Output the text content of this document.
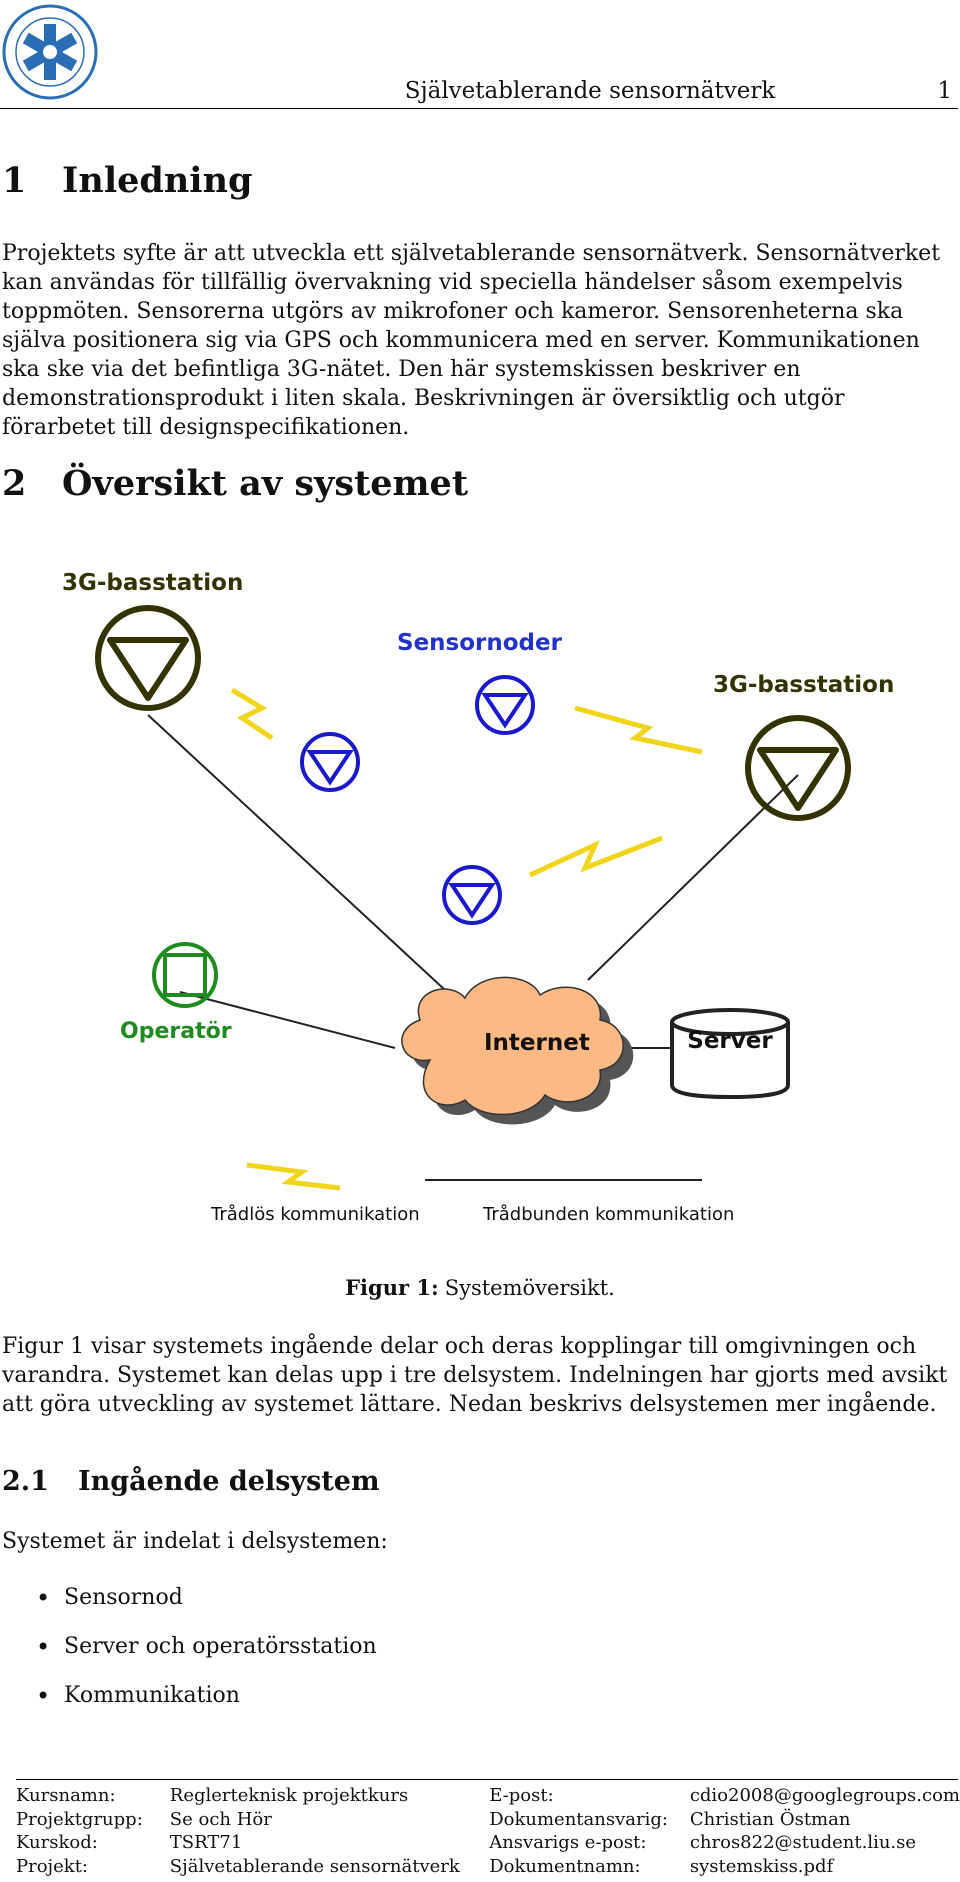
Självetablerande sensornätverk	1
1 Inledning

Projektets syfte är att utveckla ett självetablerande sensornätverk. Sensornätverket kan användas för tillfällig övervakning vid speciella händelser såsom exempelvis toppmöten. Sensorerna utgörs av mikrofoner och kameror. Sensorenheterna ska själva positionera sig via GPS och kommunicera med en server. Kommunikationen ska ske via det befintliga 3G-nätet. Den här systemskissen beskriver en demonstrationsprodukt i liten skala. Beskrivningen är översiktlig och utgör förarbetet till designspecifikationen.

2 Översikt av systemet
3G-basstation
3G-basstation
Sensornoder
Operatör	Internet	Server
Trådlös kommunikation	Trådbunden kommunikation
Figur 1: Systemöversikt.

Figur 1 visar systemets ingående delar och deras kopplingar till omgivningen och varandra. Systemet kan delas upp i tre delsystem. Indelningen har gjorts med avsikt att göra utveckling av systemet lättare. Nedan beskrivs delsystemen mer ingående.

2.1 Ingående delsystem

Systemet är indelat i delsystemen:

• Sensornod
• Server och operatörsstation
• Kommunikation
Kursnamn:	Reglerteknisk projektkurs	E-post:	cdio2008@googlegroups.com
Projektgrupp:	Se och Hör	Dokumentansvarig:	Christian Östman
Kurskod:	TSRT71	Ansvarigs e-post:	chros822@student.liu.se
Projekt:	Självetablerande sensornätverk	Dokumentnamn:	systemskiss.pdf
